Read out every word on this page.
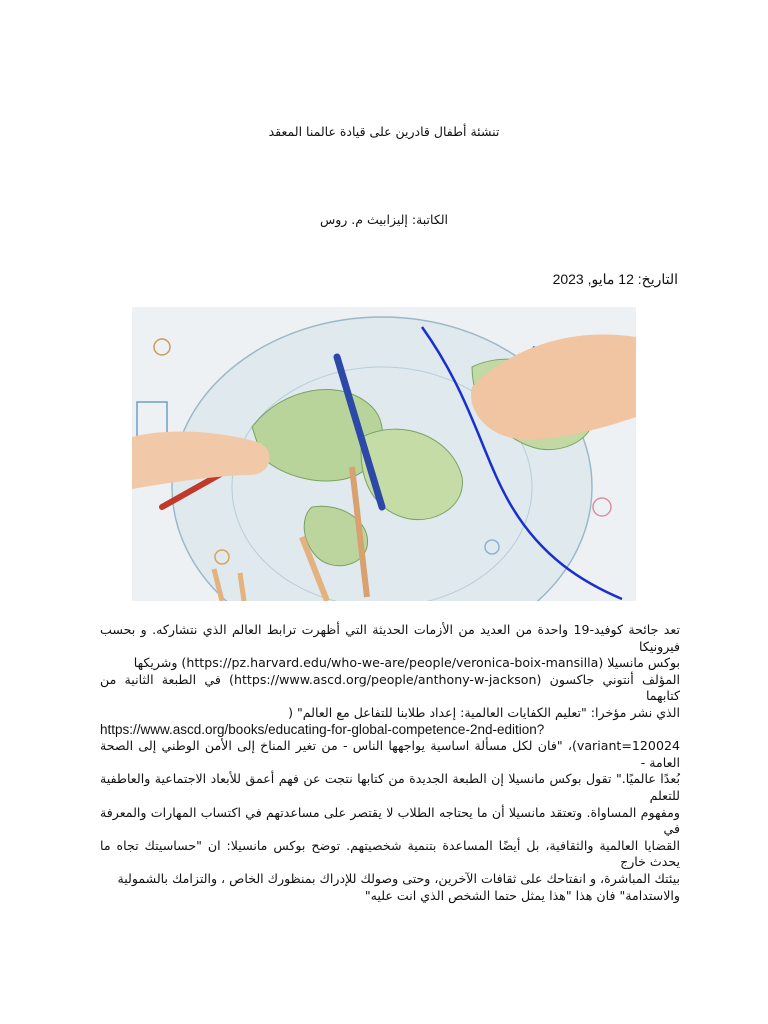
تنشئة أطفال قادرين على قيادة عالمنا المعقد
الكاتبة: إليزابيث م. روس
التاريخ: 12 مايو, 2023

تعد جائحة كوفيد-19 واحدة من العديد من الأزمات الحديثة التي أظهرت ترابط العالم الذي نتشاركه. و بحسب فيرونيكا

بوكس مانسيلا (https://pz.harvard.edu/who-we-are/people/veronica-boix-mansilla) وشريكها

المؤلف أنتوني جاكسون (https://www.ascd.org/people/anthony-w-jackson) في الطبعة الثانية من كتابهما

الذي نشر مؤخرا: "تعليم الكفايات العالمية: إعداد طلابنا للتفاعل مع العالم" (

https://www.ascd.org/books/educating-for-global-competence-2nd-edition?

variant=120024)، "فان لكل مسألة اساسية يواجهها الناس - من تغير المناخ إلى الأمن الوطني إلى الصحة العامة -

بُعدًا عالميًا." تقول بوكس مانسيلا إن الطبعة الجديدة من كتابها نتجت عن فهم أعمق للأبعاد الاجتماعية والعاطفية للتعلم

ومفهوم المساواة. وتعتقد مانسيلا أن ما يحتاجه الطلاب لا يقتصر على مساعدتهم في اكتساب المهارات والمعرفة في

القضايا العالمية والثقافية، بل أيضًا المساعدة بتنمية شخصيتهم. توضح بوكس مانسيلا: ان "حساسيتك تجاه ما يحدث خارج

بيئتك المباشرة، و انفتاحك على ثقافات الآخرين، وحتى وصولك للإدراك بمنظورك الخاص ، والتزامك بالشمولية

والاستدامة" فان هذا "هذا يمثل حتما الشخص الذي انت عليه"
